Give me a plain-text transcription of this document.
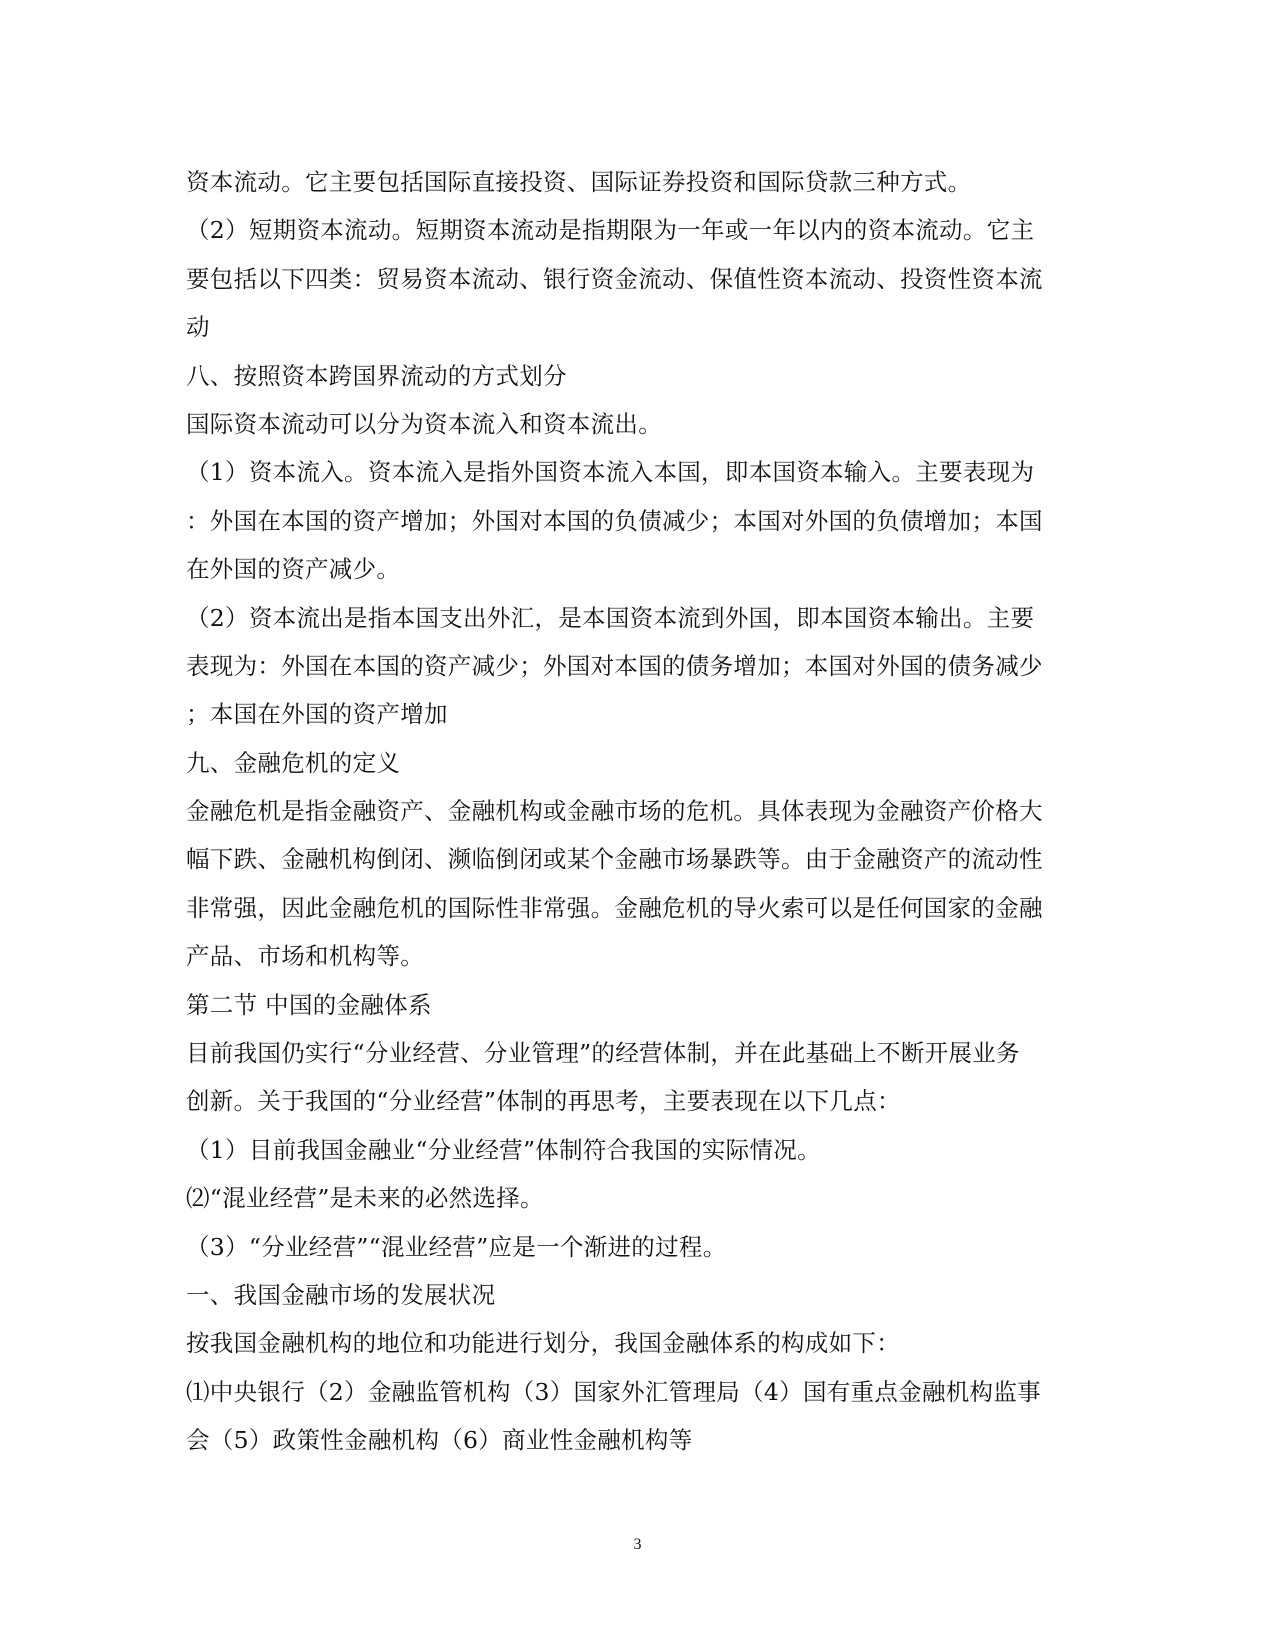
资本流动。它主要包括国际直接投资、国际证券投资和国际贷款三种方式。
（2）短期资本流动。短期资本流动是指期限为一年或一年以内的资本流动。它主
要包括以下四类：贸易资本流动、银行资金流动、保值性资本流动、投资性资本流
动
八、按照资本跨国界流动的方式划分
国际资本流动可以分为资本流入和资本流出。
（1）资本流入。资本流入是指外国资本流入本国，即本国资本输入。主要表现为
：外国在本国的资产增加；外国对本国的负债减少；本国对外国的负债增加；本国
在外国的资产减少。
（2）资本流出是指本国支出外汇，是本国资本流到外国，即本国资本输出。主要
表现为：外国在本国的资产减少；外国对本国的债务增加；本国对外国的债务减少
；本国在外国的资产增加
九、金融危机的定义
金融危机是指金融资产、金融机构或金融市场的危机。具体表现为金融资产价格大
幅下跌、金融机构倒闭、濒临倒闭或某个金融市场暴跌等。由于金融资产的流动性
非常强，因此金融危机的国际性非常强。金融危机的导火索可以是任何国家的金融
产品、市场和机构等。
第二节 中国的金融体系
目前我国仍实行“分业经营、分业管理”的经营体制，并在此基础上不断开展业务
创新。关于我国的“分业经营”体制的再思考，主要表现在以下几点：
（1）目前我国金融业“分业经营”体制符合我国的实际情况。
⑵“混业经营”是未来的必然选择。
（3）“分业经营”“混业经营”应是一个渐进的过程。
一、我国金融市场的发展状况
按我国金融机构的地位和功能进行划分，我国金融体系的构成如下：
⑴中央银行（2）金融监管机构（3）国家外汇管理局（4）国有重点金融机构监事
会（5）政策性金融机构（6）商业性金融机构等
3
